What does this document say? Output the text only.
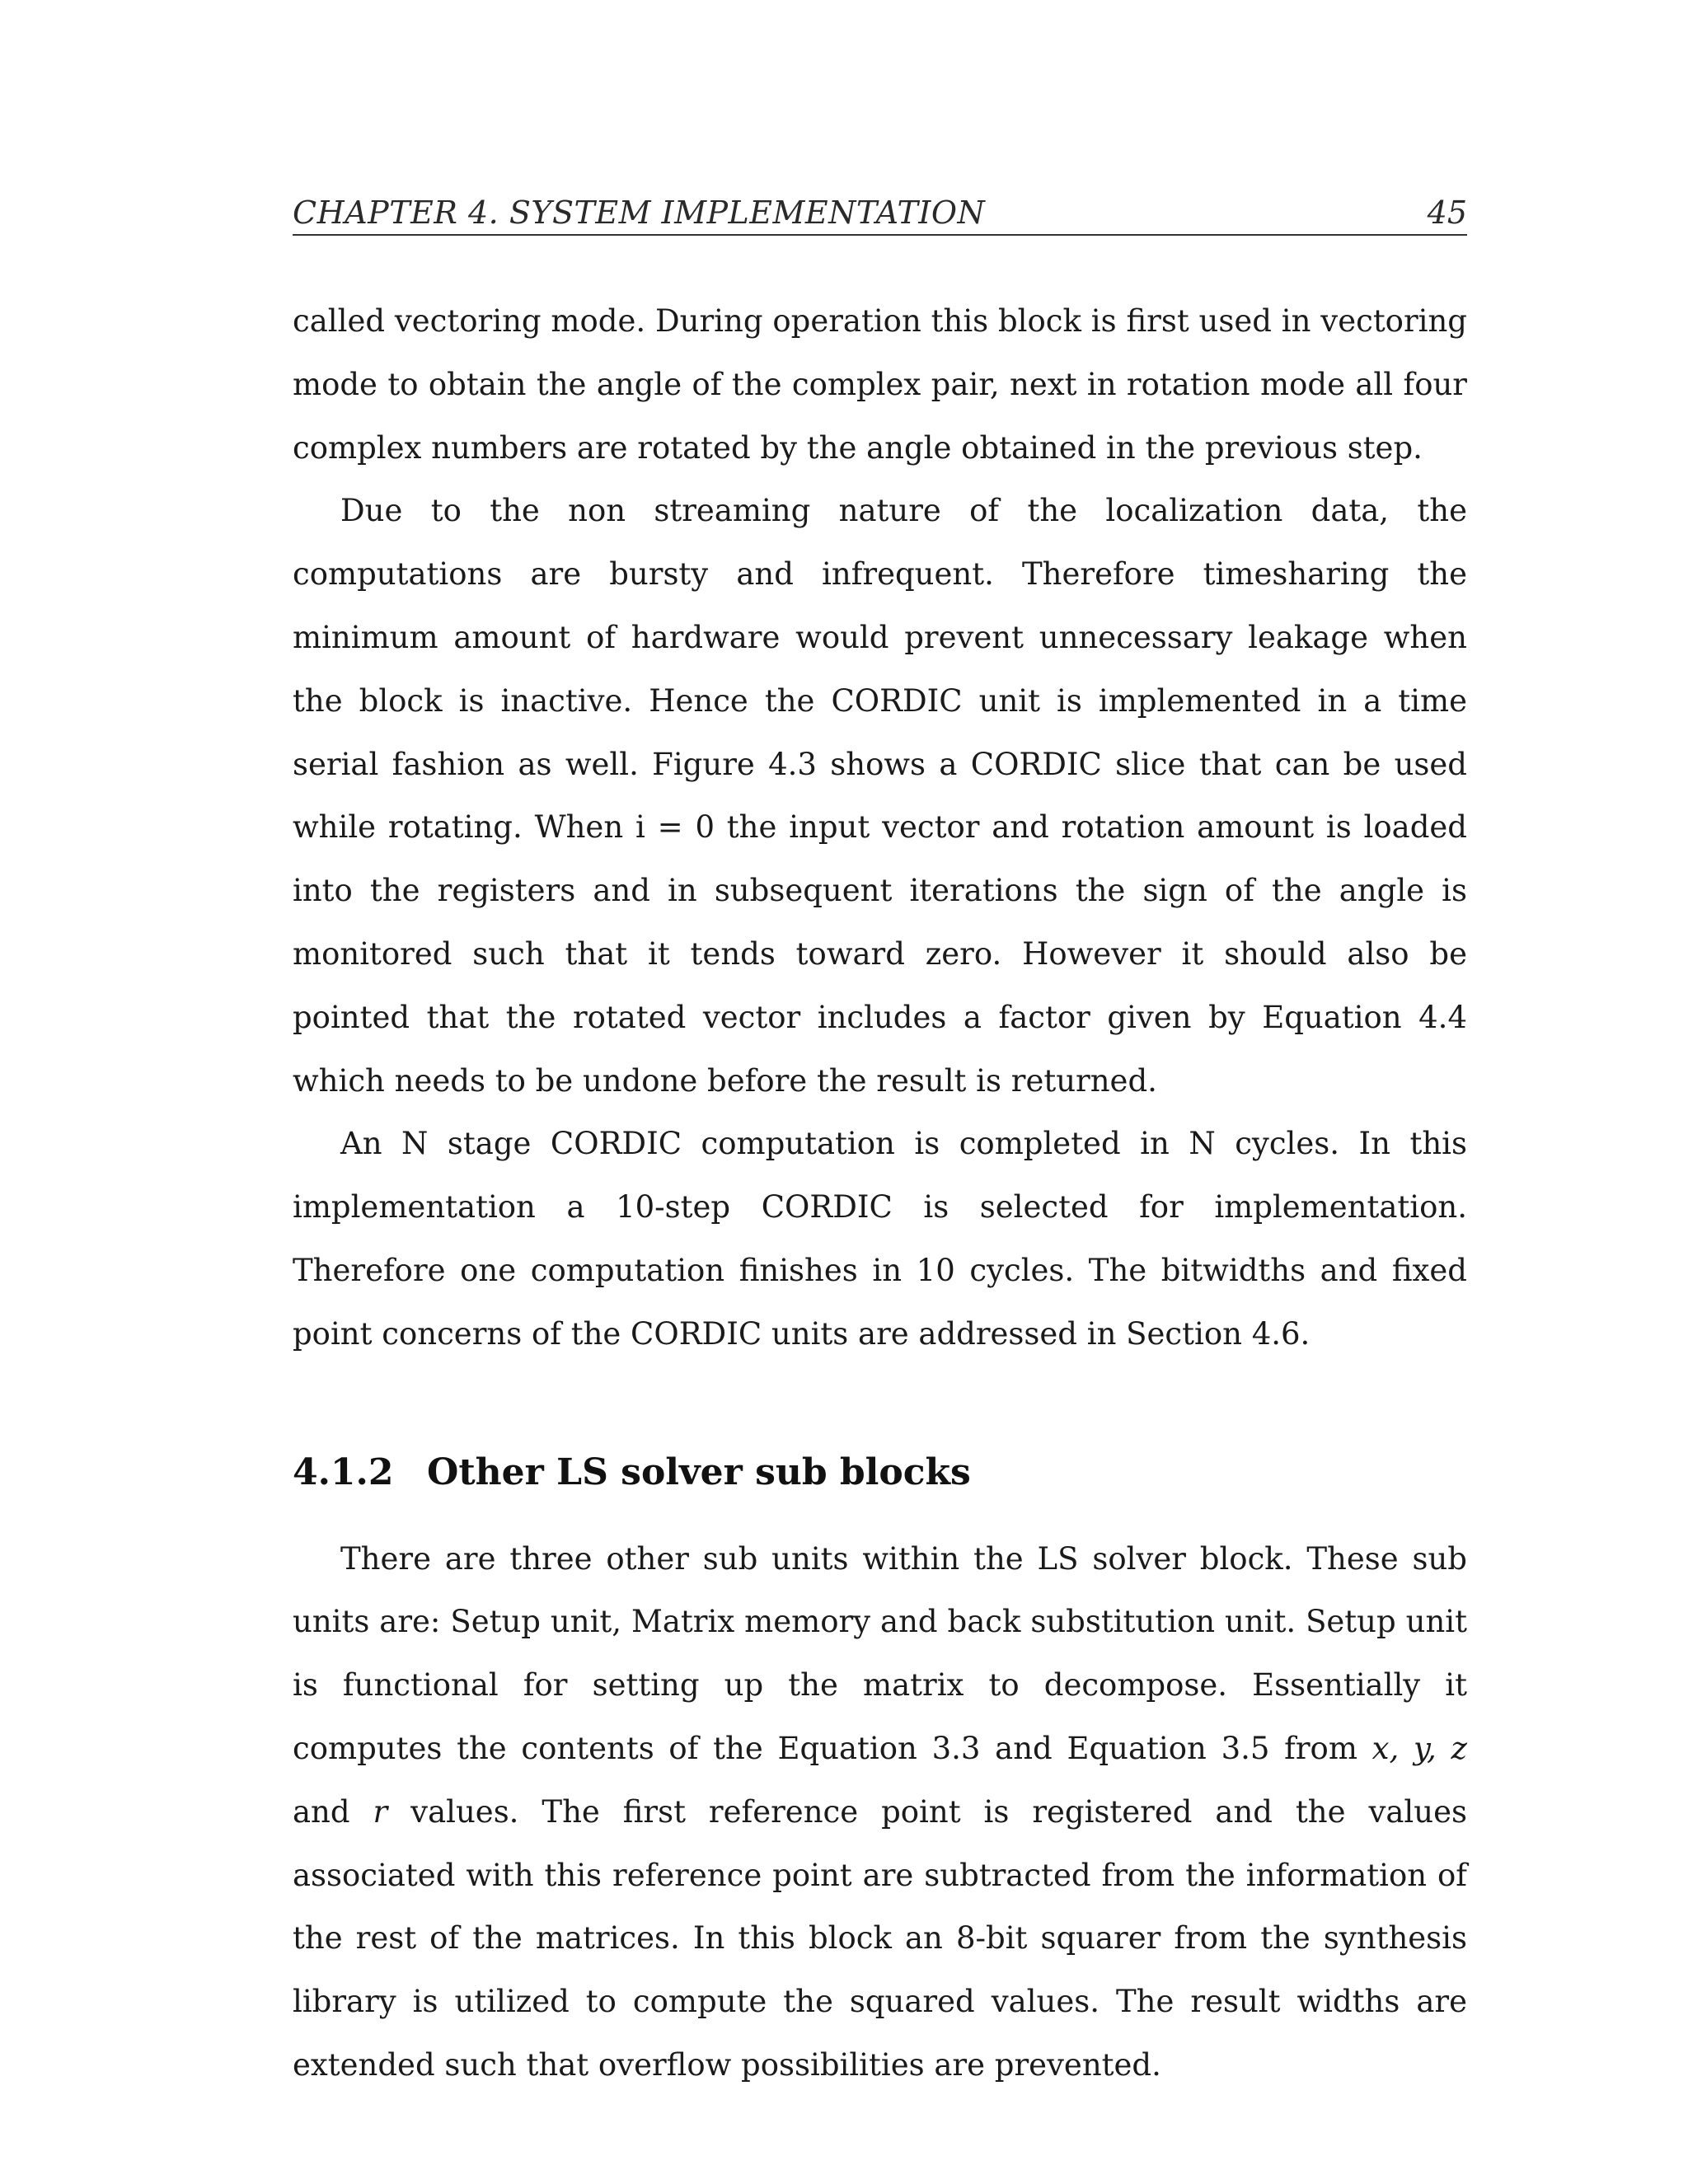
CHAPTER 4. SYSTEM IMPLEMENTATION	45

called vectoring mode. During operation this block is first used in vectoring mode to obtain the angle of the complex pair, next in rotation mode all four complex numbers are rotated by the angle obtained in the previous step.

Due to the non streaming nature of the localization data, the computations are bursty and infrequent. Therefore timesharing the minimum amount of hardware would prevent unnecessary leakage when the block is inactive. Hence the CORDIC unit is implemented in a time serial fashion as well. Figure 4.3 shows a CORDIC slice that can be used while rotating. When i = 0 the input vector and rotation amount is loaded into the registers and in subsequent iterations the sign of the angle is monitored such that it tends toward zero. However it should also be pointed that the rotated vector includes a factor given by Equation 4.4 which needs to be undone before the result is returned.

An N stage CORDIC computation is completed in N cycles. In this implementation a 10-step CORDIC is selected for implementation. Therefore one computation finishes in 10 cycles. The bitwidths and fixed point concerns of the CORDIC units are addressed in Section 4.6.

4.1.2 Other LS solver sub blocks

There are three other sub units within the LS solver block. These sub units are: Setup unit, Matrix memory and back substitution unit. Setup unit is functional for setting up the matrix to decompose. Essentially it computes the contents of the Equation 3.3 and Equation 3.5 from x, y, z and r values. The first reference point is registered and the values associated with this reference point are subtracted from the information of the rest of the matrices. In this block an 8-bit squarer from the synthesis library is utilized to compute the squared values. The result widths are extended such that overflow possibilities are prevented.
